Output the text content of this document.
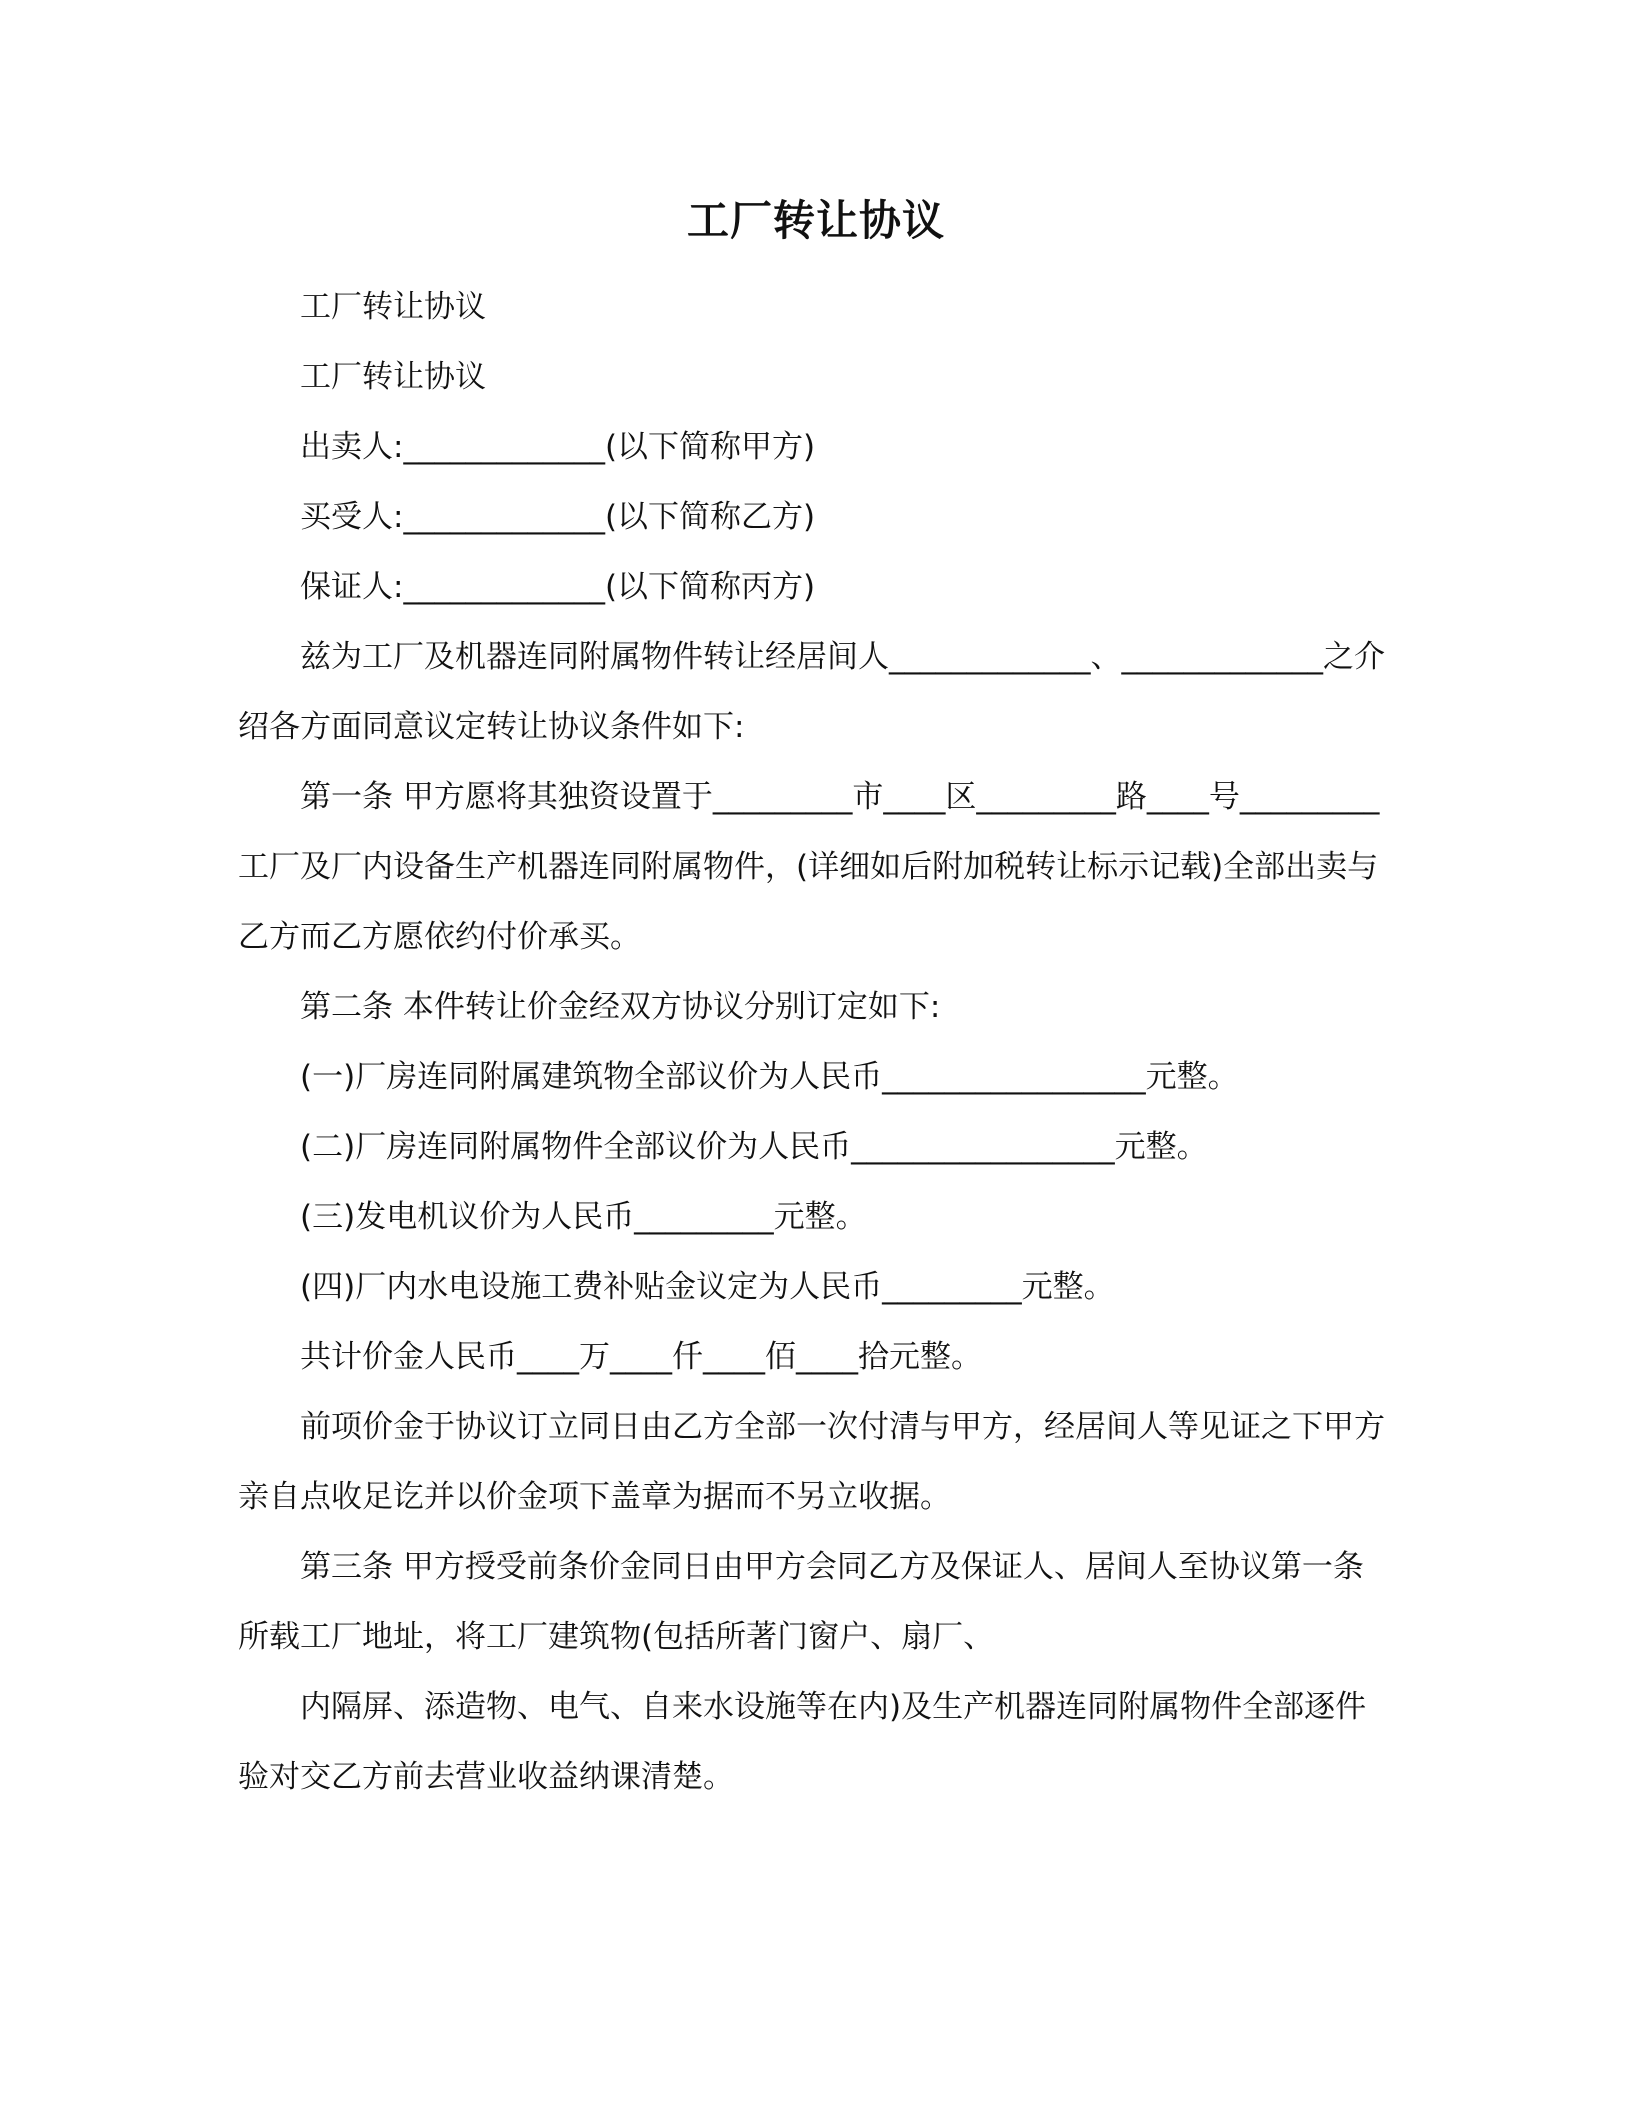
工厂转让协议

工厂转让协议

工厂转让协议

出卖人:_____________(以下简称甲方)

买受人:_____________(以下简称乙方)

保证人:_____________(以下简称丙方)

兹为工厂及机器连同附属物件转让经居间人_____________、_____________之介绍各方面同意议定转让协议条件如下:

第一条 甲方愿将其独资设置于_________市____区_________路____号_________工厂及厂内设备生产机器连同附属物件，(详细如后附加税转让标示记载)全部出卖与乙方而乙方愿依约付价承买。

第二条 本件转让价金经双方协议分别订定如下:

(一)厂房连同附属建筑物全部议价为人民币_________________元整。

(二)厂房连同附属物件全部议价为人民币_________________元整。

(三)发电机议价为人民币_________元整。

(四)厂内水电设施工费补贴金议定为人民币_________元整。

共计价金人民币____万____仟____佰____拾元整。

前项价金于协议订立同日由乙方全部一次付清与甲方，经居间人等见证之下甲方亲自点收足讫并以价金项下盖章为据而不另立收据。

第三条 甲方授受前条价金同日由甲方会同乙方及保证人、居间人至协议第一条所载工厂地址，将工厂建筑物(包括所著门窗户、扇厂、

内隔屏、添造物、电气、自来水设施等在内)及生产机器连同附属物件全部逐件验对交乙方前去营业收益纳课清楚。
